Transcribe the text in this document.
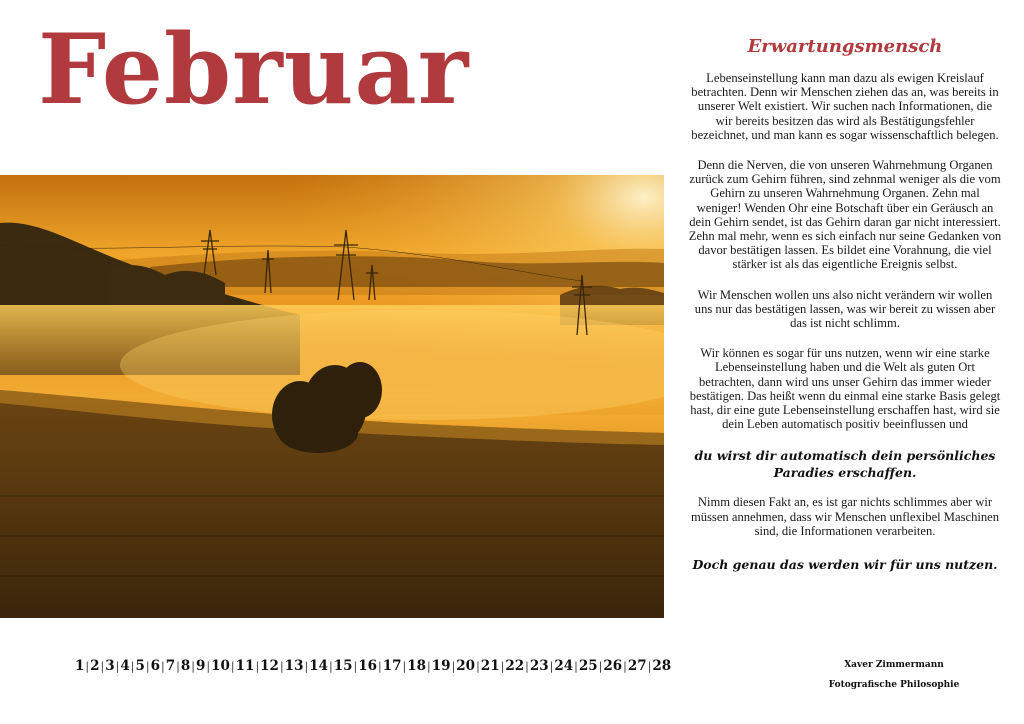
Februar	Erwartungsmensch

Lebenseinstellung kann man dazu als ewigen Kreislauf betrachten. Denn wir Menschen ziehen das an, was bereits in unserer Welt existiert. Wir suchen nach Informationen, die wir bereits besitzen das wird als Bestätigungsfehler bezeichnet, und man kann es sogar wissenschaftlich belegen.

Denn die Nerven, die von unseren Wahrnehmung Organen zurück zum Gehirn führen, sind zehnmal weniger als die vom Gehirn zu unseren Wahrnehmung Organen. Zehn mal weniger! Wenden Ohr eine Botschaft über ein Geräusch an dein Gehirn sendet, ist das Gehirn daran gar nicht interessiert. Zehn mal mehr, wenn es sich einfach nur seine Gedanken von davor bestätigen lassen. Es bildet eine Vorahnung, die viel stärker ist als das eigentliche Ereignis selbst.

Wir Menschen wollen uns also nicht verändern wir wollen uns nur das bestätigen lassen, was wir bereit zu wissen aber das ist nicht schlimm.

Wir können es sogar für uns nutzen, wenn wir eine starke Lebenseinstellung haben und die Welt als guten Ort betrachten, dann wird uns unser Gehirn das immer wieder bestätigen. Das heißt wenn du einmal eine starke Basis gelegt hast, dir eine gute Lebenseinstellung erschaffen hast, wird sie dein Leben automatisch positiv beeinflussen und

du wirst dir automatisch dein persönliches Paradies erschaffen.

Nimm diesen Fakt an, es ist gar nichts schlimmes aber wir müssen annehmen, dass wir Menschen unflexibel Maschinen sind, die Informationen verarbeiten.

Doch genau das werden wir für uns nutzen.

1|2|3|4|5|6|7|8|9|10|11|12|13|14|15|16|17|18|19|20|21|22|23|24|25|26|27|28	Xaver Zimmermann
Fotografische Philosophie
